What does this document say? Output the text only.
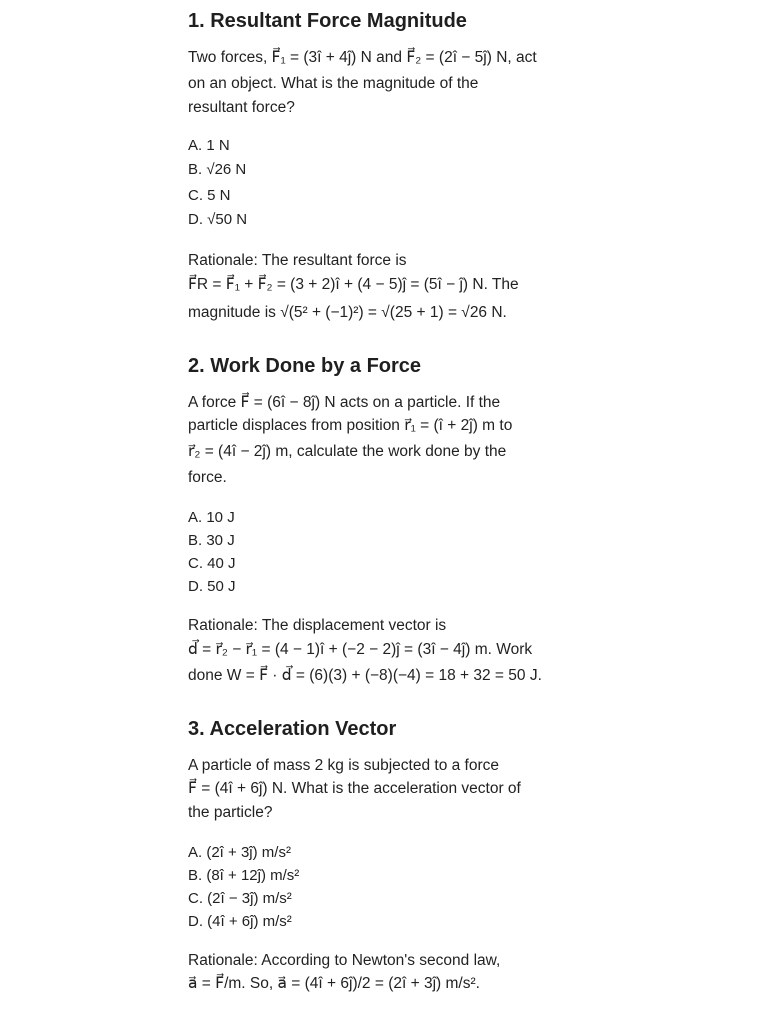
1. Resultant Force Magnitude

Two forces, F⃗₁ = (3î + 4ĵ) N and F⃗₂ = (2î − 5ĵ) N, act

on an object. What is the magnitude of the

resultant force?

A. 1 N

B. √26 N

C. 5 N

D. √50 N

Rationale: The resultant force is

F⃗R = F⃗₁ + F⃗₂ = (3 + 2)î + (4 − 5)ĵ = (5î − ĵ) N. The

magnitude is √(5² + (−1)²) = √(25 + 1) = √26 N.

2. Work Done by a Force

A force F⃗ = (6î − 8ĵ) N acts on a particle. If the

particle displaces from position r⃗₁ = (î + 2ĵ) m to

r⃗₂ = (4î − 2ĵ) m, calculate the work done by the

force.

A. 10 J

B. 30 J

C. 40 J

D. 50 J

Rationale: The displacement vector is

d⃗ = r⃗₂ − r⃗₁ = (4 − 1)î + (−2 − 2)ĵ = (3î − 4ĵ) m. Work

done W = F⃗ · d⃗ = (6)(3) + (−8)(−4) = 18 + 32 = 50 J.

3. Acceleration Vector

A particle of mass 2 kg is subjected to a force

F⃗ = (4î + 6ĵ) N. What is the acceleration vector of

the particle?

A. (2î + 3ĵ) m/s²

B. (8î + 12ĵ) m/s²

C. (2î − 3ĵ) m/s²

D. (4î + 6ĵ) m/s²

Rationale: According to Newton's second law,

a⃗ = F⃗/m. So, a⃗ = (4î + 6ĵ)/2 = (2î + 3ĵ) m/s².
